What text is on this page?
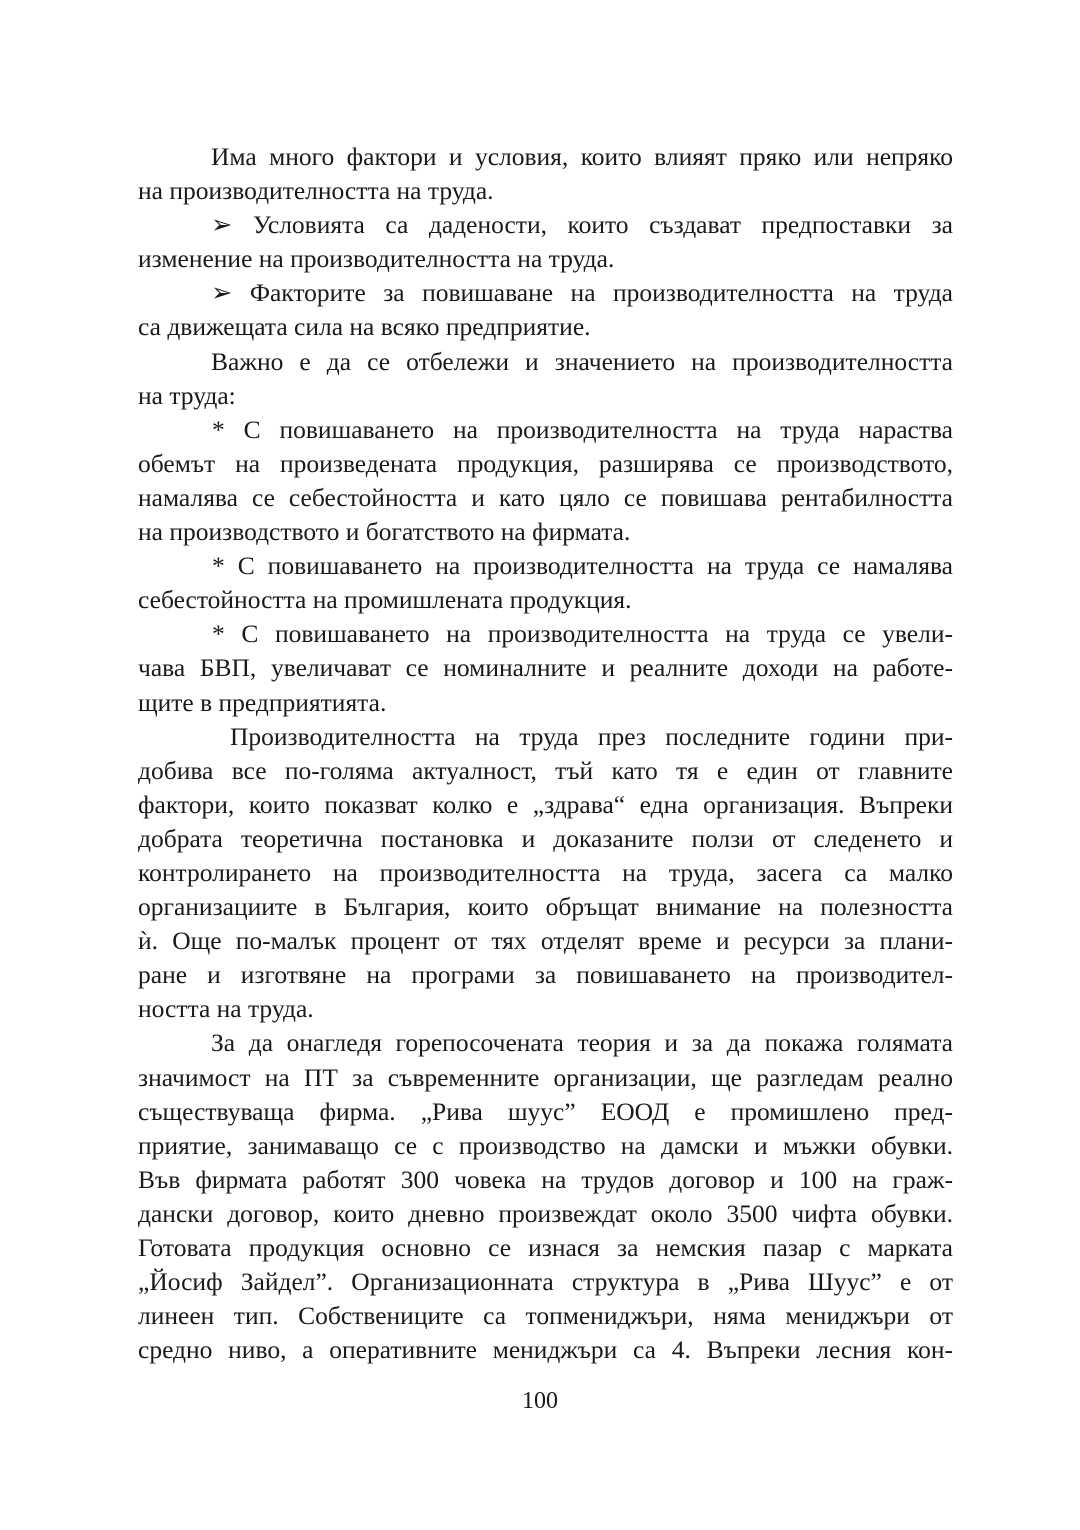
Има много фактори и условия, които влияят пряко или непряко
на производителността на труда.
➢ Условията са дадености, които създават предпоставки за
изменение на производителността на труда.
➢ Факторите за повишаване на производителността на труда
са движещата сила на всяко предприятие.
Важно е да се отбележи и значението на производителността
на труда:
* С повишаването на производителността на труда нараства
обемът на произведената продукция, разширява се производството,
намалява се себестойността и като цяло се повишава рентабилността
на производството и богатството на фирмата.
* С повишаването на производителността на труда се намалява
себестойността на промишлената продукция.
* С повишаването на производителността на труда се увели-
чава БВП, увеличават се номиналните и реалните доходи на работе-
щите в предприятията.
Производителността на труда през последните години при-
добива все по-голяма актуалност, тъй като тя е един от главните
фактори, които показват колко е „здрава“ една организация. Въпреки
добрата теоретична постановка и доказаните ползи от следенето и
контролирането на производителността на труда, засега са малко
организациите в България, които обръщат внимание на полезността
ѝ. Още по-малък процент от тях отделят време и ресурси за плани-
ране и изготвяне на програми за повишаването на производител-
ността на труда.
За да онагледя горепосочената теория и за да покажа голямата
значимост на ПТ за съвременните организации, ще разгледам реално
съществуваща фирма. „Рива шуус” ЕООД е промишлено пред-
приятие, занимаващо се с производство на дамски и мъжки обувки.
Във фирмата работят 300 човека на трудов договор и 100 на граж-
дански договор, които дневно произвеждат около 3500 чифта обувки.
Готовата продукция основно се изнася за немския пазар с марката
„Йосиф Зайдел”. Организационната структура в „Рива Шуус” е от
линеен тип. Собствениците са топмениджъри, няма мениджъри от
средно ниво, а оперативните мениджъри са 4. Въпреки лесния кон-
100
